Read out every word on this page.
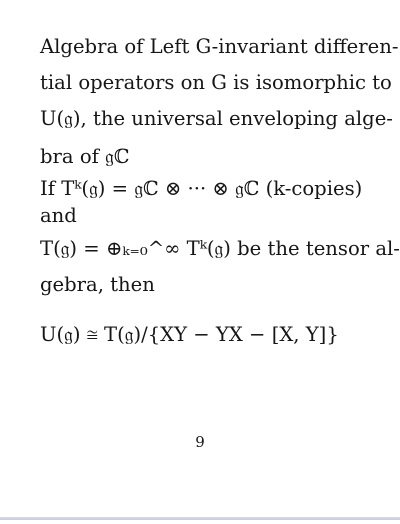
Algebra of Left G-invariant differen-
tial operators on G is isomorphic to
U(𝔤), the universal enveloping alge-
bra of 𝔤ℂ
If Tᵏ(𝔤) = 𝔤ℂ ⊗ ··· ⊗ 𝔤ℂ (k-copies)
and
T(𝔤) = ⊕ₖ₌₀^∞ Tᵏ(𝔤) be the tensor al-
gebra, then
U(𝔤) ≅ T(𝔤)/{XY − YX − [X, Y]}
9
